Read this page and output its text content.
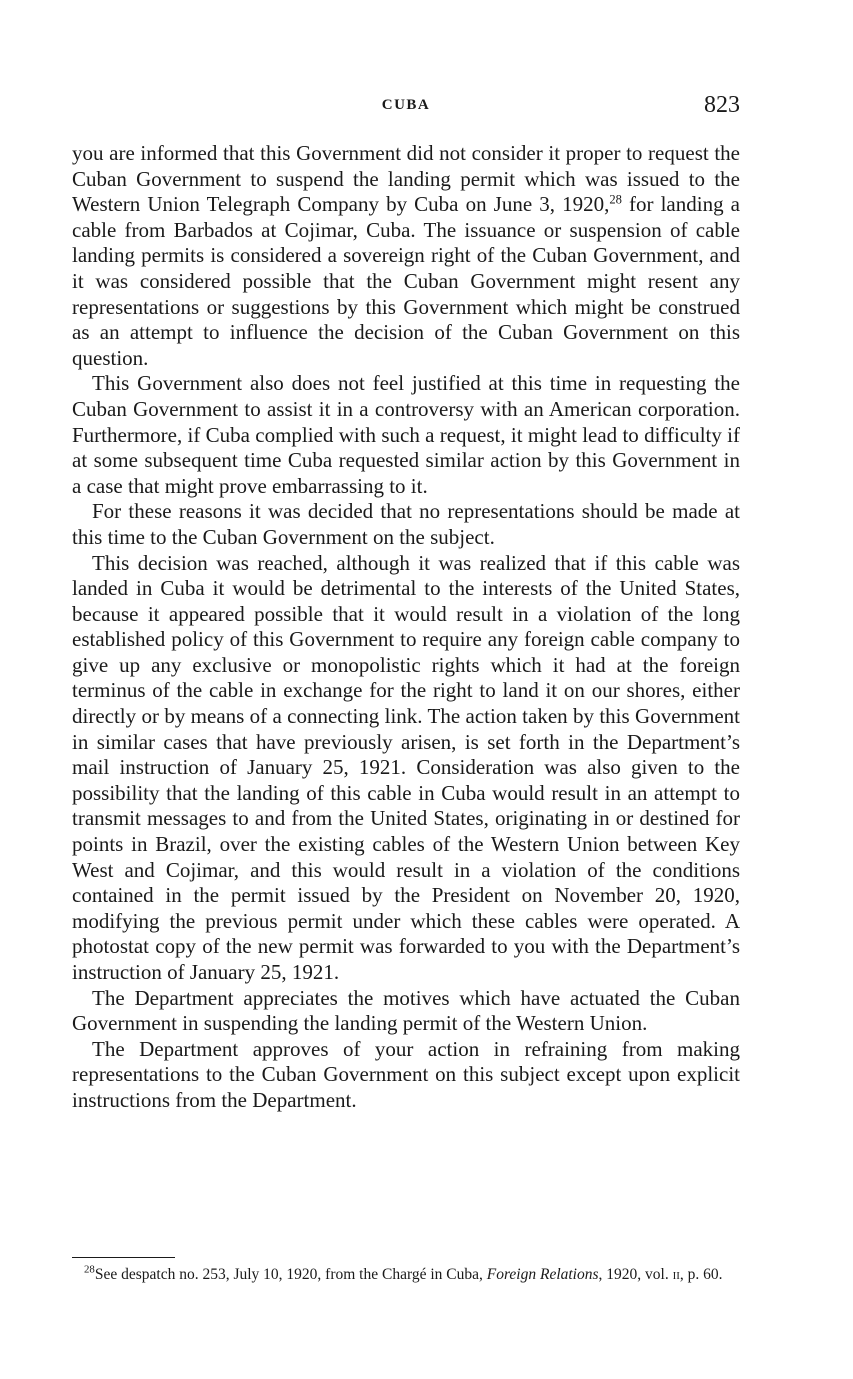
CUBA	823

you are informed that this Government did not consider it proper to request the Cuban Government to suspend the landing permit which was issued to the Western Union Telegraph Company by Cuba on June 3, 1920,28 for landing a cable from Barbados at Cojimar, Cuba. The issuance or suspension of cable landing permits is considered a sovereign right of the Cuban Government, and it was considered possible that the Cuban Government might resent any representations or suggestions by this Government which might be construed as an attempt to influence the decision of the Cuban Government on this question.

This Government also does not feel justified at this time in requesting the Cuban Government to assist it in a controversy with an American corporation. Furthermore, if Cuba complied with such a request, it might lead to difficulty if at some subsequent time Cuba requested similar action by this Government in a case that might prove embarrassing to it.

For these reasons it was decided that no representations should be made at this time to the Cuban Government on the subject.

This decision was reached, although it was realized that if this cable was landed in Cuba it would be detrimental to the interests of the United States, because it appeared possible that it would result in a violation of the long established policy of this Government to require any foreign cable company to give up any exclusive or monopolistic rights which it had at the foreign terminus of the cable in exchange for the right to land it on our shores, either directly or by means of a connecting link. The action taken by this Government in similar cases that have previously arisen, is set forth in the Department’s mail instruction of January 25, 1921. Consideration was also given to the possibility that the landing of this cable in Cuba would result in an attempt to transmit messages to and from the United States, originating in or destined for points in Brazil, over the existing cables of the Western Union between Key West and Cojimar, and this would result in a violation of the conditions contained in the permit issued by the President on November 20, 1920, modifying the previous permit under which these cables were operated. A photostat copy of the new permit was forwarded to you with the Department’s instruction of January 25, 1921.

The Department appreciates the motives which have actuated the Cuban Government in suspending the landing permit of the Western Union.

The Department approves of your action in refraining from making representations to the Cuban Government on this subject except upon explicit instructions from the Department.

$^{28}$See despatch no. 253, July 10, 1920, from the Chargé in Cuba, Foreign Relations, 1920, vol. ii, p. 60.
